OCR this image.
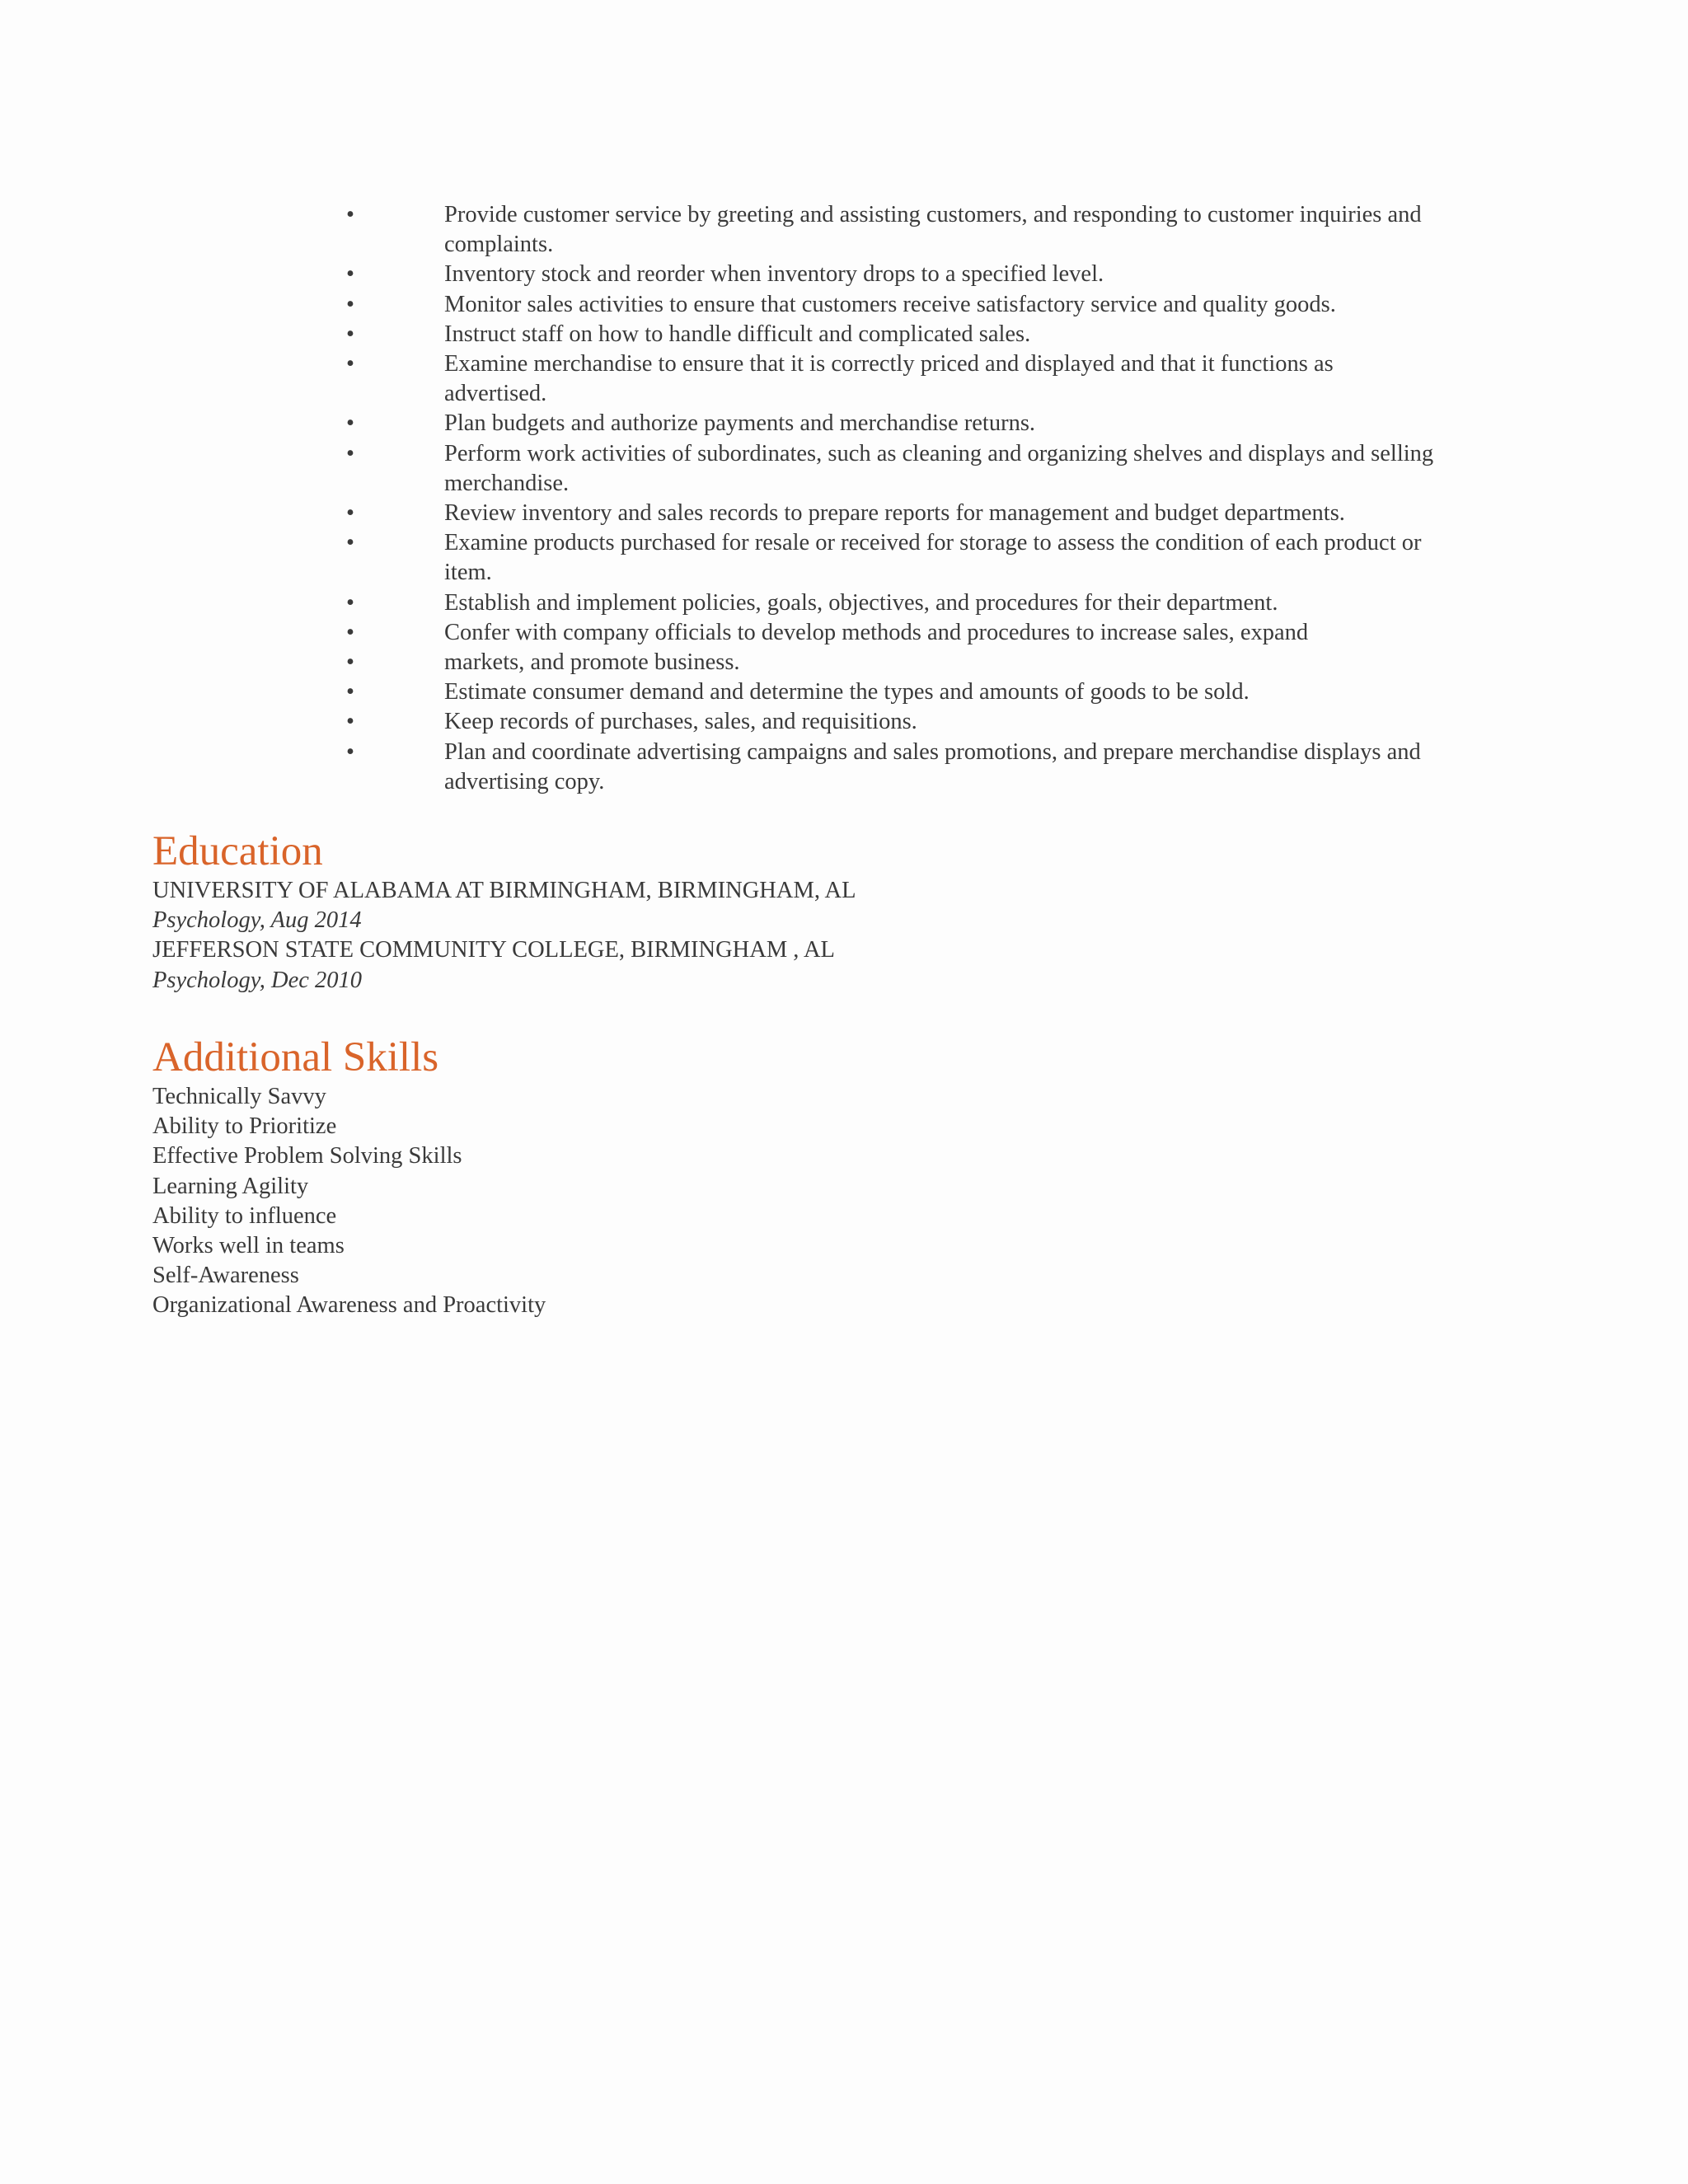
•	Provide customer service by greeting and assisting customers, and responding to customer inquiries and complaints.
•	Inventory stock and reorder when inventory drops to a specified level.
•	Monitor sales activities to ensure that customers receive satisfactory service and quality goods.
•	Instruct staff on how to handle difficult and complicated sales.
•	Examine merchandise to ensure that it is correctly priced and displayed and that it functions as advertised.
•	Plan budgets and authorize payments and merchandise returns.
•	Perform work activities of subordinates, such as cleaning and organizing shelves and displays and selling merchandise.
•	Review inventory and sales records to prepare reports for management and budget departments.
•	Examine products purchased for resale or received for storage to assess the condition of each product or item.
•	Establish and implement policies, goals, objectives, and procedures for their department.
•	Confer with company officials to develop methods and procedures to increase sales, expand
•	markets, and promote business.
•	Estimate consumer demand and determine the types and amounts of goods to be sold.
•	Keep records of purchases, sales, and requisitions.
•	Plan and coordinate advertising campaigns and sales promotions, and prepare merchandise displays and advertising copy.
Education
UNIVERSITY OF ALABAMA AT BIRMINGHAM, BIRMINGHAM, AL
Psychology, Aug 2014
JEFFERSON STATE COMMUNITY COLLEGE, BIRMINGHAM , AL
Psychology, Dec 2010
Additional Skills
Technically Savvy
Ability to Prioritize
Effective Problem Solving Skills
Learning Agility
Ability to influence
Works well in teams
Self-Awareness
Organizational Awareness and Proactivity
